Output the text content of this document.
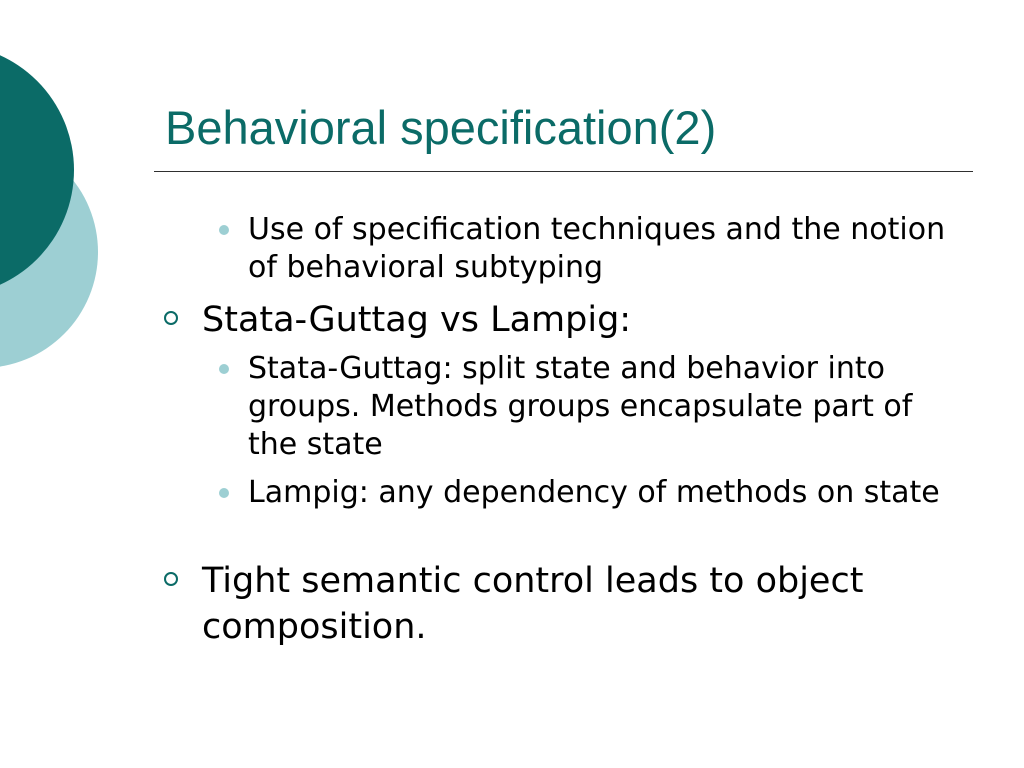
Behavioral specification(2)
Use of specification techniques and the notion of behavioral subtyping
Stata-Guttag vs Lampig:
Stata-Guttag: split state and behavior into groups. Methods groups encapsulate part of the state
Lampig: any dependency of methods on state
Tight semantic control leads to object composition.
